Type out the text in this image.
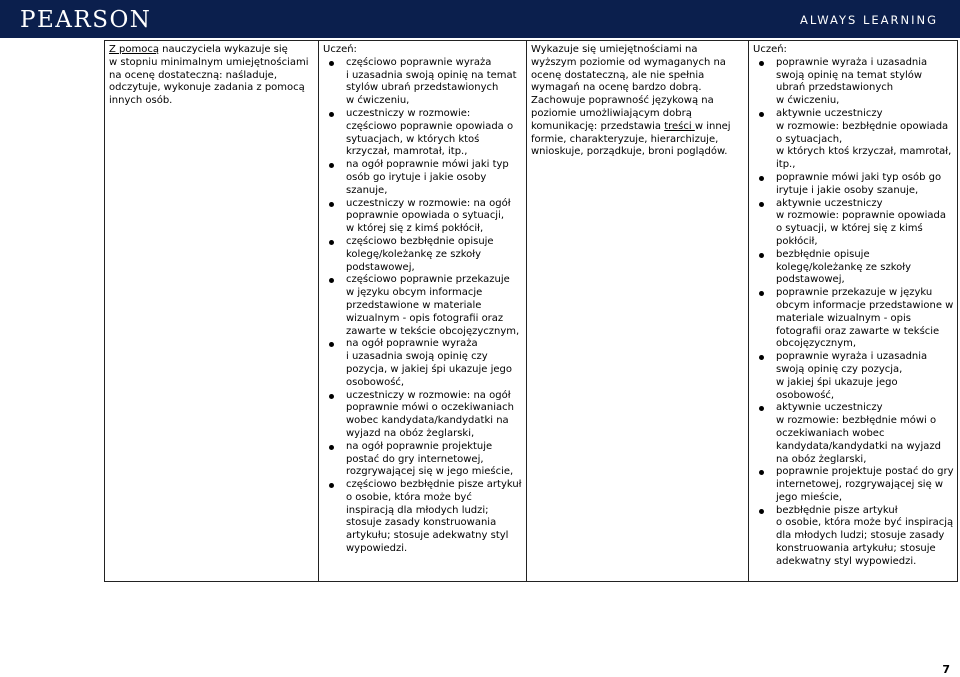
PEARSON	ALWAYS LEARNING
Z pomocą nauczyciela wykazuje się
w stopniu minimalnym umiejętnościami na ocenę dostateczną: naśladuje, odczytuje, wykonuje zadania z pomocą innych osób.

Uczeń:
częściowo poprawnie wyraża
i uzasadnia swoją opinię na temat stylów ubrań przedstawionych
w ćwiczeniu,
uczestniczy w rozmowie: częściowo poprawnie opowiada o sytuacjach, w których ktoś krzyczał, mamrotał, itp.,
na ogół poprawnie mówi jaki typ osób go irytuje i jakie osoby szanuje,
uczestniczy w rozmowie: na ogół poprawnie opowiada o sytuacji,
w której się z kimś pokłócił,
częściowo bezbłędnie opisuje kolegę/koleżankę ze szkoły podstawowej,
częściowo poprawnie przekazuje
w języku obcym informacje przedstawione w materiale wizualnym - opis fotografii oraz zawarte w tekście obcojęzycznym,
na ogół poprawnie wyraża
i uzasadnia swoją opinię czy pozycja, w jakiej śpi ukazuje jego osobowość,
uczestniczy w rozmowie: na ogół poprawnie mówi o oczekiwaniach wobec kandydata/kandydatki na wyjazd na obóz żeglarski,
na ogół poprawnie projektuje postać do gry internetowej, rozgrywającej się w jego mieście,
częściowo bezbłędnie pisze artykuł o osobie, która może być inspiracją dla młodych ludzi; stosuje zasady konstruowania artykułu; stosuje adekwatny styl wypowiedzi.

Wykazuje się umiejętnościami na wyższym poziomie od wymaganych na ocenę dostateczną, ale nie spełnia wymagań na ocenę bardzo dobrą.
Zachowuje poprawność językową na poziomie umożliwiającym dobrą komunikację: przedstawia treści w innej formie, charakteryzuje, hierarchizuje, wnioskuje, porządkuje, broni poglądów.

Uczeń:
poprawnie wyraża i uzasadnia swoją opinię na temat stylów ubrań przedstawionych
w ćwiczeniu,
aktywnie uczestniczy
w rozmowie: bezbłędnie opowiada o sytuacjach,
w których ktoś krzyczał, mamrotał, itp.,
poprawnie mówi jaki typ osób go irytuje i jakie osoby szanuje,
aktywnie uczestniczy
w rozmowie: poprawnie opowiada o sytuacji, w której się z kimś pokłócił,
bezbłędnie opisuje kolegę/koleżankę ze szkoły podstawowej,
poprawnie przekazuje w języku obcym informacje przedstawione w materiale wizualnym - opis fotografii oraz zawarte w tekście obcojęzycznym,
poprawnie wyraża i uzasadnia swoją opinię czy pozycja,
w jakiej śpi ukazuje jego osobowość,
aktywnie uczestniczy
w rozmowie: bezbłędnie mówi o oczekiwaniach wobec kandydata/kandydatki na wyjazd na obóz żeglarski,
poprawnie projektuje postać do gry internetowej, rozgrywającej się w jego mieście,
bezbłędnie pisze artykuł
o osobie, która może być inspiracją dla młodych ludzi; stosuje zasady konstruowania artykułu; stosuje adekwatny styl wypowiedzi.
7
